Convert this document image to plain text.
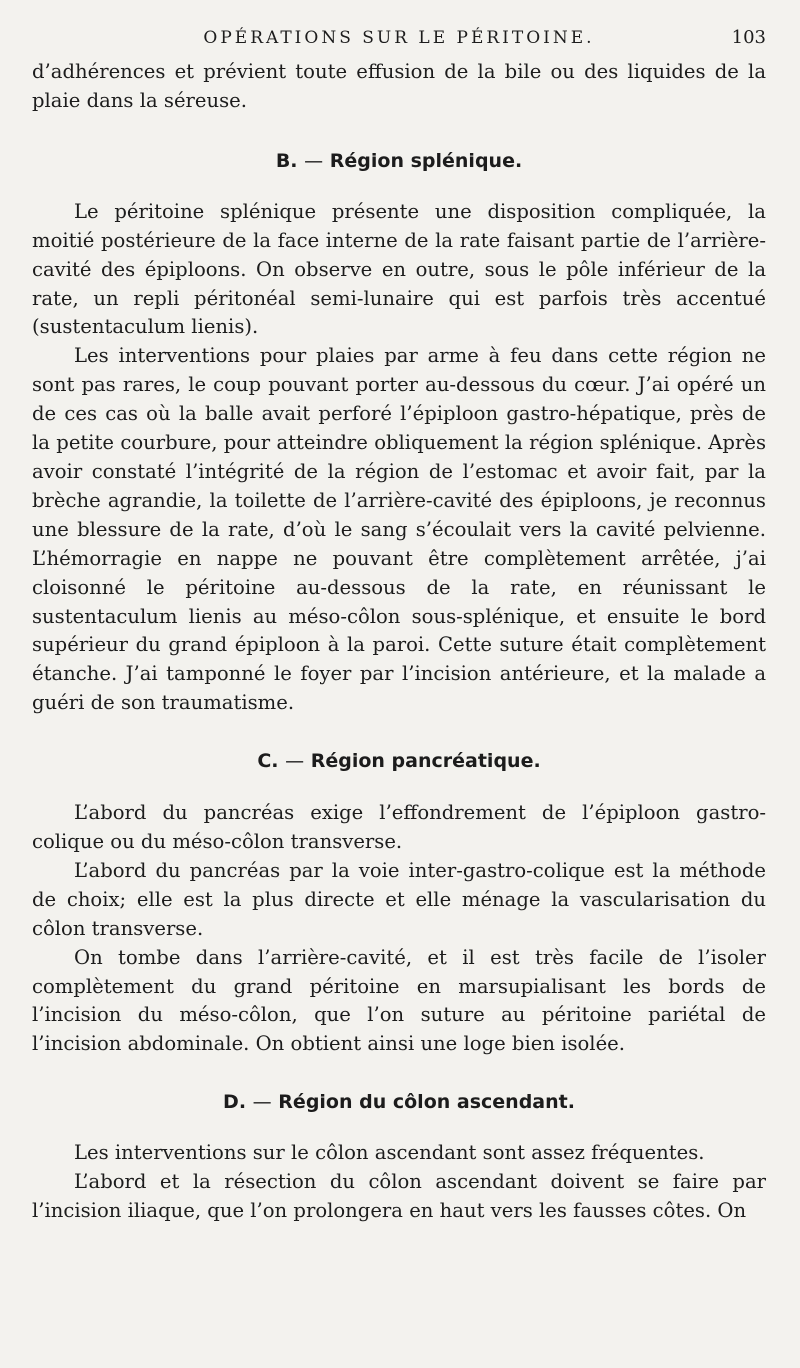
OPÉRATIONS SUR LE PÉRITOINE.	103

d’adhérences et prévient toute effusion de la bile ou des liquides de la plaie dans la séreuse.

B. — Région splénique.

Le péritoine splénique présente une disposition compliquée, la moitié postérieure de la face interne de la rate faisant partie de l’arrière-cavité des épiploons. On observe en outre, sous le pôle inférieur de la rate, un repli péritonéal semi-lunaire qui est parfois très accentué (sustentaculum lienis).

Les interventions pour plaies par arme à feu dans cette région ne sont pas rares, le coup pouvant porter au-dessous du cœur. J’ai opéré un de ces cas où la balle avait perforé l’épiploon gastro-hépatique, près de la petite courbure, pour atteindre obliquement la région splénique. Après avoir constaté l’intégrité de la région de l’estomac et avoir fait, par la brèche agrandie, la toilette de l’arrière-cavité des épiploons, je reconnus une blessure de la rate, d’où le sang s’écoulait vers la cavité pelvienne. L’hémorragie en nappe ne pouvant être complètement arrêtée, j’ai cloisonné le péritoine au-dessous de la rate, en réunissant le sustentaculum lienis au méso-côlon sous-splénique, et ensuite le bord supérieur du grand épiploon à la paroi. Cette suture était complètement étanche. J’ai tamponné le foyer par l’incision antérieure, et la malade a guéri de son traumatisme.

C. — Région pancréatique.

L’abord du pancréas exige l’effondrement de l’épiploon gastro-colique ou du méso-côlon transverse.

L’abord du pancréas par la voie inter-gastro-colique est la méthode de choix; elle est la plus directe et elle ménage la vascularisation du côlon transverse.

On tombe dans l’arrière-cavité, et il est très facile de l’isoler complètement du grand péritoine en marsupialisant les bords de l’incision du méso-côlon, que l’on suture au péritoine pariétal de l’incision abdominale. On obtient ainsi une loge bien isolée.

D. — Région du côlon ascendant.

Les interventions sur le côlon ascendant sont assez fréquentes.

L’abord et la résection du côlon ascendant doivent se faire par l’incision iliaque, que l’on prolongera en haut vers les fausses côtes. On
